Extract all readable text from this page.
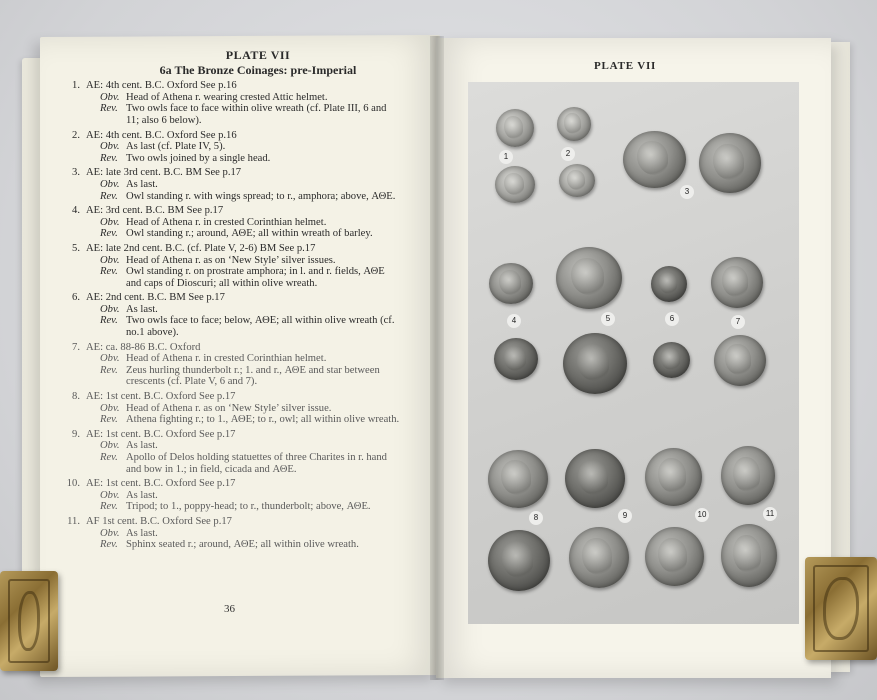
PLATE VII
6a The Bronze Coinages: pre-Imperial
1. AE: 4th cent. B.C. Oxford See p.16
Obv. Head of Athena r. wearing crested Attic helmet.
Rev. Two owls face to face within olive wreath (cf. Plate III, 6 and 11; also 6 below).
2. AE: 4th cent. B.C. Oxford See p.16
Obv. As last (cf. Plate IV, 5).
Rev. Two owls joined by a single head.
3. AE: late 3rd cent. B.C. BM See p.17
Obv. As last.
Rev. Owl standing r. with wings spread; to r., amphora; above, ΑΘΕ.
4. AE: 3rd cent. B.C. BM See p.17
Obv. Head of Athena r. in crested Corinthian helmet.
Rev. Owl standing r.; around, ΑΘΕ; all within wreath of barley.
5. AE: late 2nd cent. B.C. (cf. Plate V, 2-6) BM See p.17
Obv. Head of Athena r. as on ‘New Style’ silver issues.
Rev. Owl standing r. on prostrate amphora; in l. and r. fields, ΑΘΕ and caps of Dioscuri; all within olive wreath.
6. AE: 2nd cent. B.C. BM See p.17
Obv. As last.
Rev. Two owls face to face; below, ΑΘΕ; all within olive wreath (cf. no.1 above).
7. AE: ca. 88-86 B.C. Oxford
Obv. Head of Athena r. in crested Corinthian helmet.
Rev. Zeus hurling thunderbolt r.; 1. and r., ΑΘΕ and star between crescents (cf. Plate V, 6 and 7).
8. AE: 1st cent. B.C. Oxford See p.17
Obv. Head of Athena r. as on ‘New Style’ silver issue.
Rev. Athena fighting r.; to 1., ΑΘΕ; to r., owl; all within olive wreath.
9. AE: 1st cent. B.C. Oxford See p.17
Obv. As last.
Rev. Apollo of Delos holding statuettes of three Charites in r. hand and bow in 1.; in field, cicada and ΑΘΕ.
10. AE: 1st cent. B.C. Oxford See p.17
Obv. As last.
Rev. Tripod; to 1., poppy-head; to r., thunderbolt; above, ΑΘΕ.
11. AF 1st cent. B.C. Oxford See p.17
Obv. As last.
Rev. Sphinx seated r.; around, ΑΘΕ; all within olive wreath.
36
PLATE VII
1	2
3
4	5	6	7
8	9	10	11
